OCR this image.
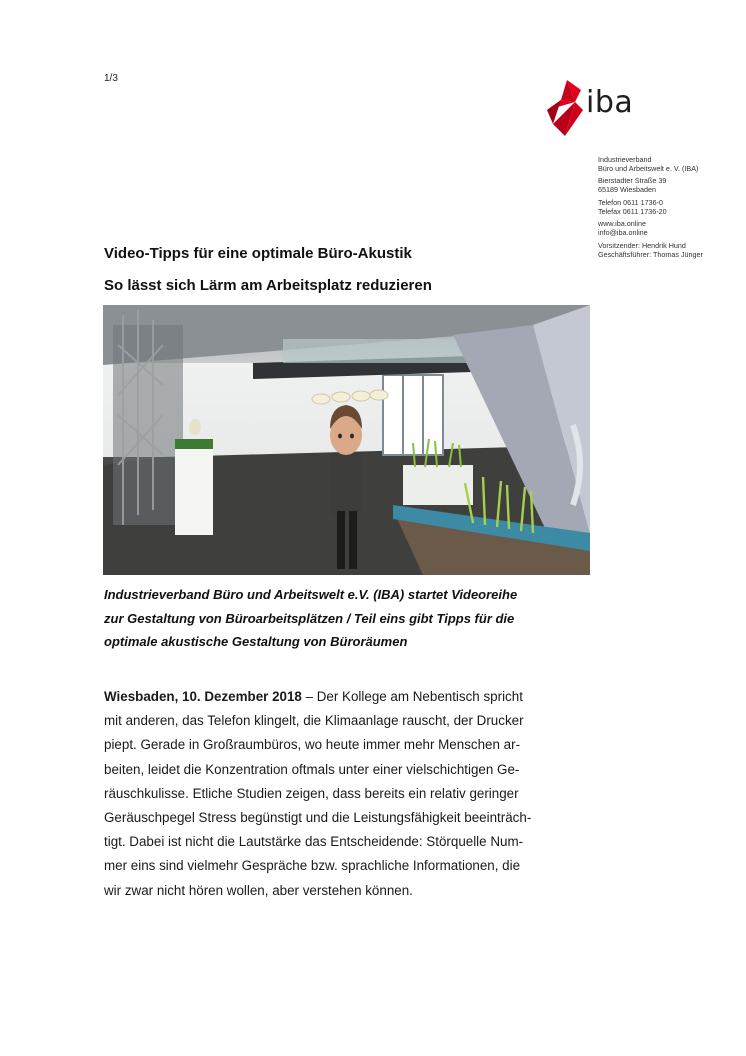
1/3
iba
Industrieverband
Büro und Arbeitswelt e. V. (IBA)
Bierstadter Straße 39
65189 Wiesbaden
Telefon 0611 1736-0
Telefax 0611 1736-20
www.iba.online
info@iba.online
Vorsitzender: Hendrik Hund
Geschäftsführer: Thomas Jünger
Video-Tipps für eine optimale Büro-Akustik
So lässt sich Lärm am Arbeitsplatz reduzieren
Industrieverband Büro und Arbeitswelt e.V. (IBA) startet Videoreihe
zur Gestaltung von Büroarbeitsplätzen / Teil eins gibt Tipps für die
optimale akustische Gestaltung von Büroräumen
Wiesbaden, 10. Dezember 2018 – Der Kollege am Nebentisch spricht
mit anderen, das Telefon klingelt, die Klimaanlage rauscht, der Drucker
piept. Gerade in Großraumbüros, wo heute immer mehr Menschen ar-
beiten, leidet die Konzentration oftmals unter einer vielschichtigen Ge-
räuschkulisse. Etliche Studien zeigen, dass bereits ein relativ geringer
Geräuschpegel Stress begünstigt und die Leistungsfähigkeit beeinträch-
tigt. Dabei ist nicht die Lautstärke das Entscheidende: Störquelle Num-
mer eins sind vielmehr Gespräche bzw. sprachliche Informationen, die
wir zwar nicht hören wollen, aber verstehen können.
